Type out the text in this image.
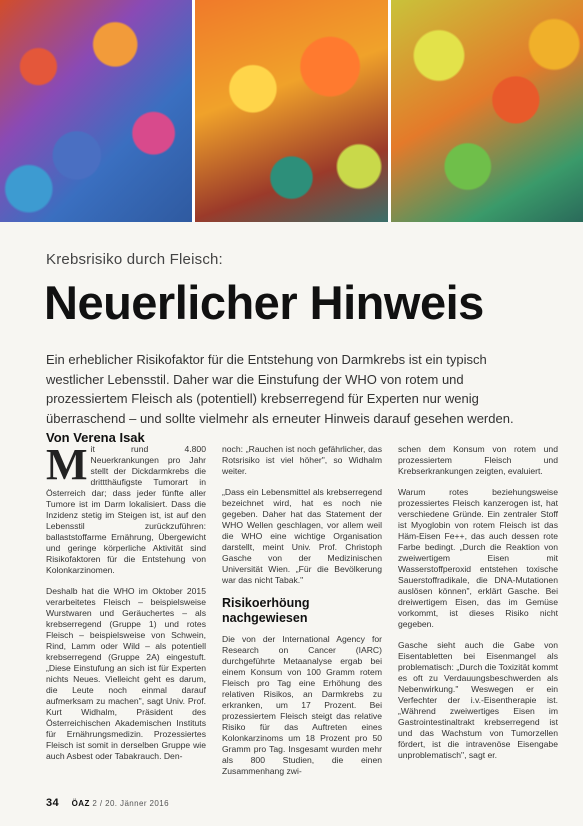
Krebsrisiko durch Fleisch:
Neuerlicher Hinweis
Ein erheblicher Risikofaktor für die Entstehung von Darmkrebs ist ein typisch westlicher Lebensstil. Daher war die Einstufung der WHO von rotem und prozessiertem Fleisch als (potentiell) krebserregend für Experten nur wenig überraschend – und sollte vielmehr als erneuter Hinweis darauf gesehen werden. Von Verena Isak

Mit rund 4.800 Neuerkrankungen pro Jahr stellt der Dickdarmkrebs die drittthäufigste Tumorart in Österreich dar; dass jeder fünfte aller Tumore ist im Darm lokalisiert. Dass die Inzidenz stetig im Steigen ist, ist auf den Lebensstil zurückzuführen: ballaststoffarme Ernährung, Übergewicht und geringe körperliche Aktivität sind Risikofaktoren für die Entstehung von Kolonkarzinomen.

Deshalb hat die WHO im Oktober 2015 verarbeitetes Fleisch – beispielsweise Wurstwaren und Geräuchertes – als krebserregend (Gruppe 1) und rotes Fleisch – beispielsweise von Schwein, Rind, Lamm oder Wild – als potentiell krebserregend (Gruppe 2A) eingestuft. „Diese Einstufung an sich ist für Experten nichts Neues. Vielleicht geht es darum, die Leute noch einmal darauf aufmerksam zu machen", sagt Univ. Prof. Kurt Widhalm, Präsident des Österreichischen Akademischen Instituts für Ernährungsmedizin. Prozessiertes Fleisch ist somit in derselben Gruppe wie auch Asbest oder Tabakrauch. Den-

noch: „Rauchen ist noch gefährlicher, das Rotsrisiko ist viel höher", so Widhalm weiter.

„Dass ein Lebensmittel als krebserregend bezeichnet wird, hat es noch nie gegeben. Daher hat das Statement der WHO Wellen geschlagen, vor allem weil die WHO eine wichtige Organisation darstellt, meint Univ. Prof. Christoph Gasche von der Medizinischen Universität Wien. „Für die Bevölkerung war das nicht Tabak."

Risikoerhöung nachgewiesen

Die von der International Agency for Research on Cancer (IARC) durchgeführte Metaanalyse ergab bei einem Konsum von 100 Gramm rotem Fleisch pro Tag eine Erhöhung des relativen Risikos, an Darmkrebs zu erkranken, um 17 Prozent. Bei prozessiertem Fleisch steigt das relative Risiko für das Auftreten eines Kolonkarzinoms um 18 Prozent pro 50 Gramm pro Tag. Insgesamt wurden mehr als 800 Studien, die einen Zusammenhang zwi-

schen dem Konsum von rotem und prozessiertem Fleisch und Krebserkrankungen zeigten, evaluiert.

Warum rotes beziehungsweise prozessiertes Fleisch kanzerogen ist, hat verschiedene Gründe. Ein zentraler Stoff ist Myoglobin von rotem Fleisch ist das Häm-Eisen Fe++, das auch dessen rote Farbe bedingt. „Durch die Reaktion von zweiwertigem Eisen mit Wasserstoffperoxid entstehen toxische Sauerstoffradikale, die DNA-Mutationen auslösen können", erklärt Gasche. Bei dreiwertigem Eisen, das im Gemüse vorkommt, ist dieses Risiko nicht gegeben.

Gasche sieht auch die Gabe von Eisentabletten bei Eisenmangel als problematisch: „Durch die Toxizität kommt es oft zu Verdauungsbeschwerden als Nebenwirkung." Weswegen er ein Verfechter der i.v.-Eisentherapie ist. „Während zweiwertiges Eisen im Gastrointestinaltrakt krebserregend ist und das Wachstum von Tumorzellen fördert, ist die intravenöse Eisengabe unproblematisch", sagt er.

34 ÖAZ 2 / 20. Jänner 2016
